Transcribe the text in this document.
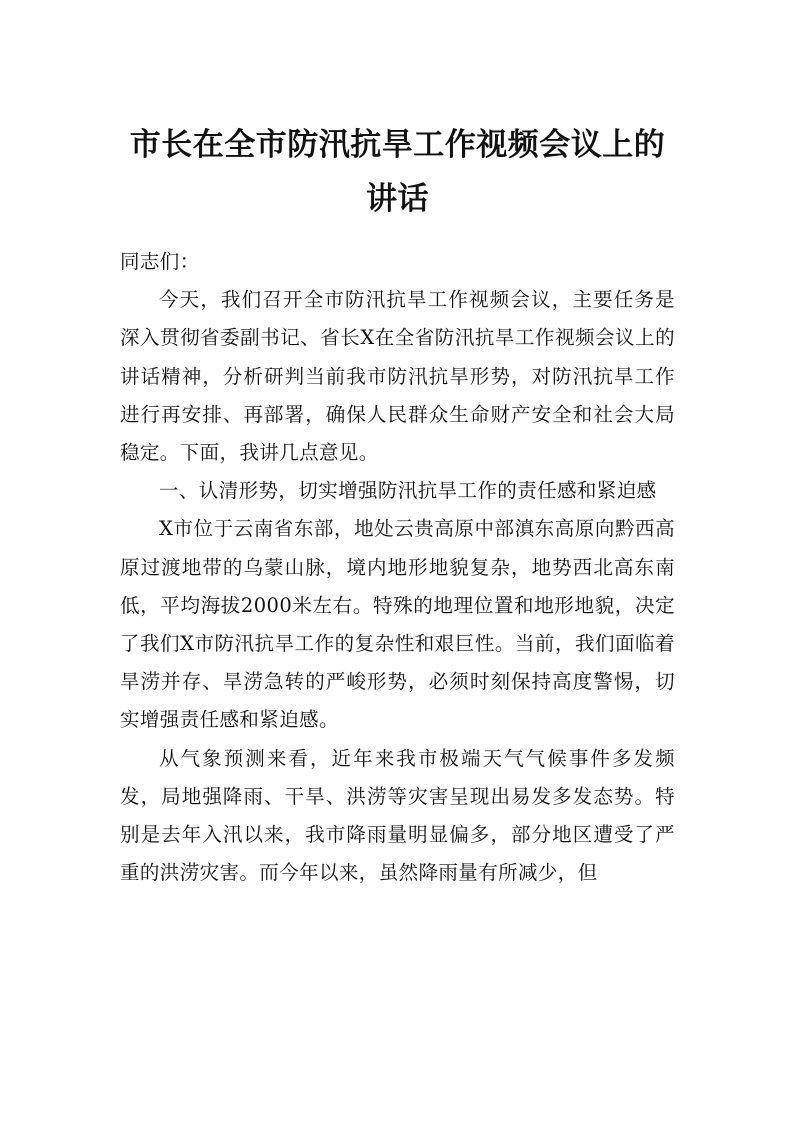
市长在全市防汛抗旱工作视频会议上的讲话

同志们：

今天，我们召开全市防汛抗旱工作视频会议，主要任务是深入贯彻省委副书记、省长X在全省防汛抗旱工作视频会议上的讲话精神，分析研判当前我市防汛抗旱形势，对防汛抗旱工作进行再安排、再部署，确保人民群众生命财产安全和社会大局稳定。下面，我讲几点意见。

一、认清形势，切实增强防汛抗旱工作的责任感和紧迫感

X市位于云南省东部，地处云贵高原中部滇东高原向黔西高原过渡地带的乌蒙山脉，境内地形地貌复杂，地势西北高东南低，平均海拔2000米左右。特殊的地理位置和地形地貌，决定了我们X市防汛抗旱工作的复杂性和艰巨性。当前，我们面临着旱涝并存、旱涝急转的严峻形势，必须时刻保持高度警惕，切实增强责任感和紧迫感。

从气象预测来看，近年来我市极端天气气候事件多发频发，局地强降雨、干旱、洪涝等灾害呈现出易发多发态势。特别是去年入汛以来，我市降雨量明显偏多，部分地区遭受了严重的洪涝灾害。而今年以来，虽然降雨量有所减少，但
